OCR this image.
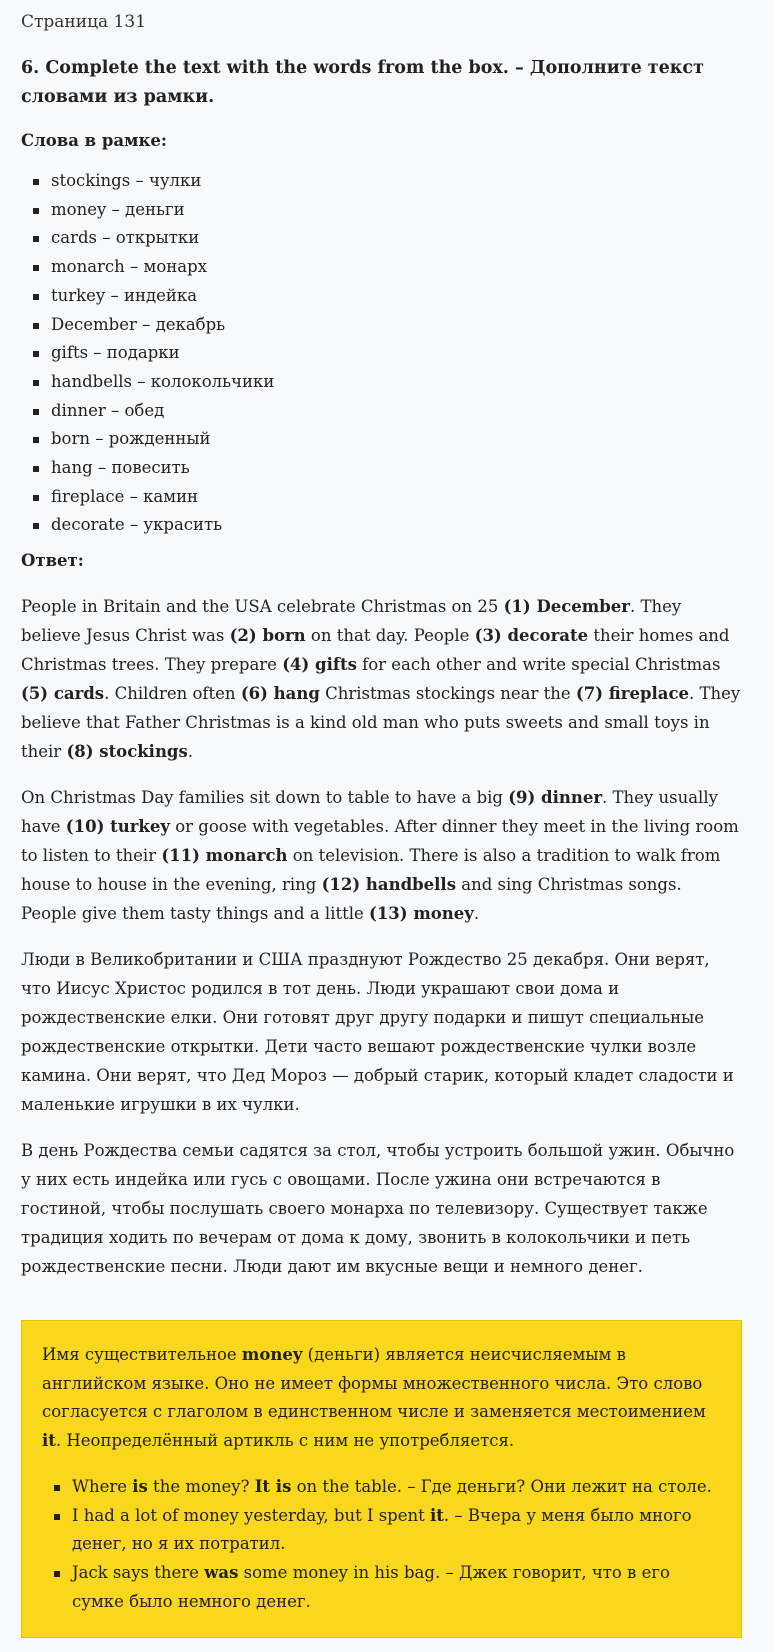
Страница 131
6. Complete the text with the words from the box. – Дополните текст словами из рамки.
Слова в рамке:
stockings – чулки
money – деньги
cards – открытки
monarch – монарх
turkey – индейка
December – декабрь
gifts – подарки
handbells – колокольчики
dinner – обед
born – рожденный
hang – повесить
fireplace – камин
decorate – украсить
Ответ:

People in Britain and the USA celebrate Christmas on 25 (1) December. They believe Jesus Christ was (2) born on that day. People (3) decorate their homes and Christmas trees. They prepare (4) gifts for each other and write special Christmas (5) cards. Children often (6) hang Christmas stockings near the (7) fireplace. They believe that Father Christmas is a kind old man who puts sweets and small toys in their (8) stockings.

On Christmas Day families sit down to table to have a big (9) dinner. They usually have (10) turkey or goose with vegetables. After dinner they meet in the living room to listen to their (11) monarch on television. There is also a tradition to walk from house to house in the evening, ring (12) handbells and sing Christmas songs. People give them tasty things and a little (13) money.

Люди в Великобритании и США празднуют Рождество 25 декабря. Они верят, что Иисус Христос родился в тот день. Люди украшают свои дома и рождественские елки. Они готовят друг другу подарки и пишут специальные рождественские открытки. Дети часто вешают рождественские чулки возле камина. Они верят, что Дед Мороз — добрый старик, который кладет сладости и маленькие игрушки в их чулки.

В день Рождества семьи садятся за стол, чтобы устроить большой ужин. Обычно у них есть индейка или гусь с овощами. После ужина они встречаются в гостиной, чтобы послушать своего монарха по телевизору. Существует также традиция ходить по вечерам от дома к дому, звонить в колокольчики и петь рождественские песни. Люди дают им вкусные вещи и немного денег.

Имя существительное money (деньги) является неисчисляемым в английском языке. Оно не имеет формы множественного числа. Это слово согласуется с глаголом в единственном числе и заменяется местоимением it. Неопределённый артикль с ним не употребляется.

Where is the money? It is on the table. – Где деньги? Они лежит на столе.
I had a lot of money yesterday, but I spent it. – Вчера у меня было много денег, но я их потратил.
Jack says there was some money in his bag. – Джек говорит, что в его сумке было немного денег.
